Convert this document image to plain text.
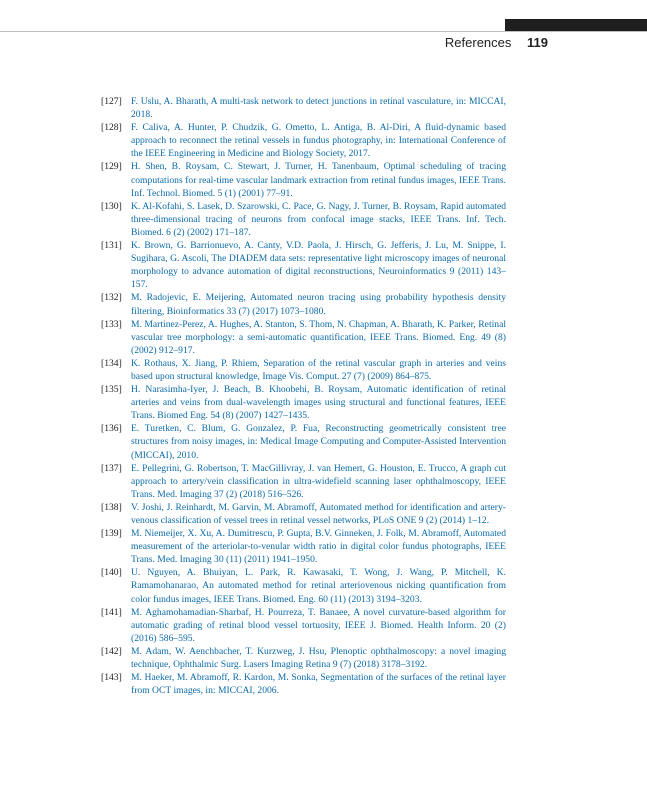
References 119
[127] F. Uslu, A. Bharath, A multi-task network to detect junctions in retinal vasculature, in: MICCAI, 2018.
[128] F. Caliva, A. Hunter, P. Chudzik, G. Ometto, L. Antiga, B. Al-Diri, A fluid-dynamic based approach to reconnect the retinal vessels in fundus photography, in: International Conference of the IEEE Engineering in Medicine and Biology Society, 2017.
[129] H. Shen, B. Roysam, C. Stewart, J. Turner, H. Tanenbaum, Optimal scheduling of tracing computations for real-time vascular landmark extraction from retinal fundus images, IEEE Trans. Inf. Technol. Biomed. 5 (1) (2001) 77–91.
[130] K. Al-Kofahi, S. Lasek, D. Szarowski, C. Pace, G. Nagy, J. Turner, B. Roysam, Rapid automated three-dimensional tracing of neurons from confocal image stacks, IEEE Trans. Inf. Tech. Biomed. 6 (2) (2002) 171–187.
[131] K. Brown, G. Barrionuevo, A. Canty, V.D. Paola, J. Hirsch, G. Jefferis, J. Lu, M. Snippe, I. Sugihara, G. Ascoli, The DIADEM data sets: representative light microscopy images of neuronal morphology to advance automation of digital reconstructions, Neuroinformatics 9 (2011) 143–157.
[132] M. Radojevic, E. Meijering, Automated neuron tracing using probability hypothesis density filtering, Bioinformatics 33 (7) (2017) 1073–1080.
[133] M. Martinez-Perez, A. Hughes, A. Stanton, S. Thom, N. Chapman, A. Bharath, K. Parker, Retinal vascular tree morphology: a semi-automatic quantification, IEEE Trans. Biomed. Eng. 49 (8) (2002) 912–917.
[134] K. Rothaus, X. Jiang, P. Rhiem, Separation of the retinal vascular graph in arteries and veins based upon structural knowledge, Image Vis. Comput. 27 (7) (2009) 864–875.
[135] H. Narasimha-Iyer, J. Beach, B. Khoobehi, B. Roysam, Automatic identification of retinal arteries and veins from dual-wavelength images using structural and functional features, IEEE Trans. Biomed Eng. 54 (8) (2007) 1427–1435.
[136] E. Turetken, C. Blum, G. Gonzalez, P. Fua, Reconstructing geometrically consistent tree structures from noisy images, in: Medical Image Computing and Computer-Assisted Intervention (MICCAI), 2010.
[137] E. Pellegrini, G. Robertson, T. MacGillivray, J. van Hemert, G. Houston, E. Trucco, A graph cut approach to artery/vein classification in ultra-widefield scanning laser ophthalmoscopy, IEEE Trans. Med. Imaging 37 (2) (2018) 516–526.
[138] V. Joshi, J. Reinhardt, M. Garvin, M. Abramoff, Automated method for identification and artery-venous classification of vessel trees in retinal vessel networks, PLoS ONE 9 (2) (2014) 1–12.
[139] M. Niemeijer, X. Xu, A. Dumitrescu, P. Gupta, B.V. Ginneken, J. Folk, M. Abramoff, Automated measurement of the arteriolar-to-venular width ratio in digital color fundus photographs, IEEE Trans. Med. Imaging 30 (11) (2011) 1941–1950.
[140] U. Nguyen, A. Bhuiyan, L. Park, R. Kawasaki, T. Wong, J. Wang, P. Mitchell, K. Ramamohanarao, An automated method for retinal arteriovenous nicking quantification from color fundus images, IEEE Trans. Biomed. Eng. 60 (11) (2013) 3194–3203.
[141] M. Aghamohamadian-Sharbaf, H. Pourreza, T. Banaee, A novel curvature-based algorithm for automatic grading of retinal blood vessel tortuosity, IEEE J. Biomed. Health Inform. 20 (2) (2016) 586–595.
[142] M. Adam, W. Aenchbacher, T. Kurzweg, J. Hsu, Plenoptic ophthalmoscopy: a novel imaging technique, Ophthalmic Surg. Lasers Imaging Retina 9 (7) (2018) 3178–3192.
[143] M. Haeker, M. Abramoff, R. Kardon, M. Sonka, Segmentation of the surfaces of the retinal layer from OCT images, in: MICCAI, 2006.
